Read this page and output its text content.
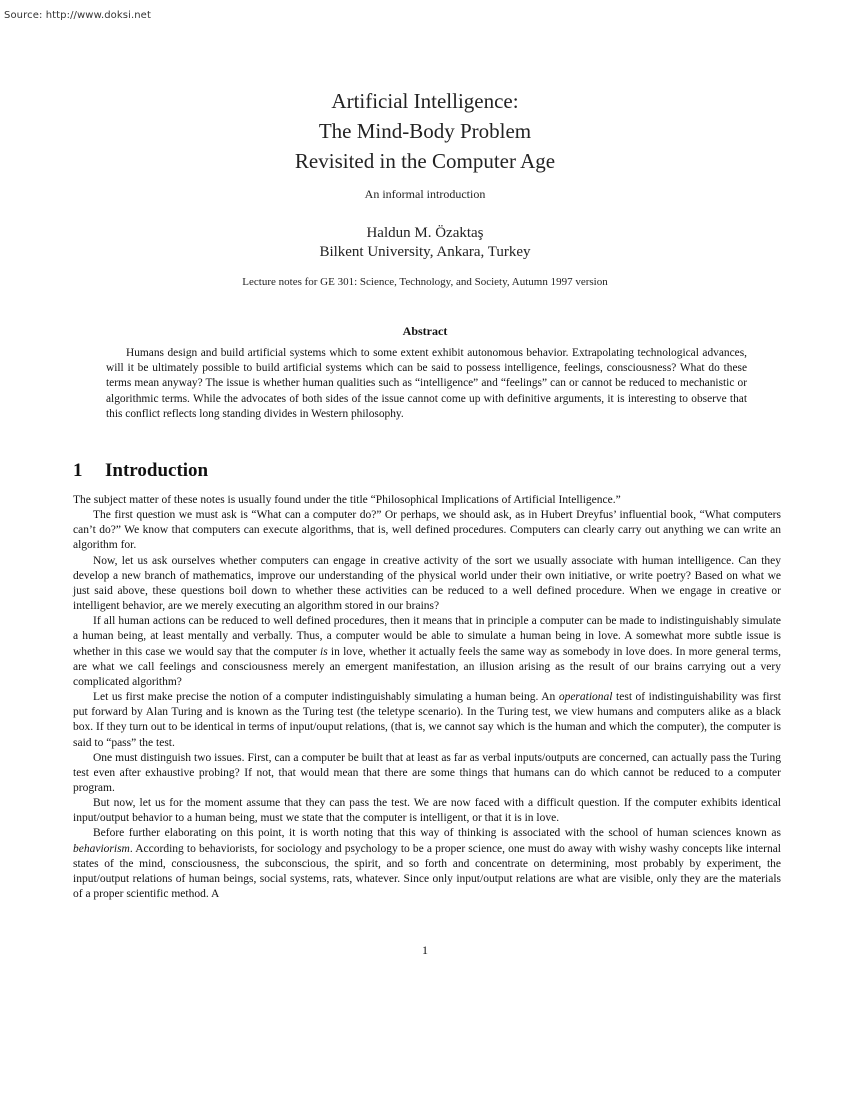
Source: http://www.doksi.net
Artificial Intelligence:
The Mind-Body Problem
Revisited in the Computer Age
An informal introduction
Haldun M. Özaktaş
Bilkent University, Ankara, Turkey
Lecture notes for GE 301: Science, Technology, and Society, Autumn 1997 version
Abstract

Humans design and build artificial systems which to some extent exhibit autonomous behavior. Extrapolating technological advances, will it be ultimately possible to build artificial systems which can be said to possess intelligence, feelings, consciousness? What do these terms mean anyway? The issue is whether human qualities such as “intelligence” and “feelings” can or cannot be reduced to mechanistic or algorithmic terms. While the advocates of both sides of the issue cannot come up with definitive arguments, it is interesting to observe that this conflict reflects long standing divides in Western philosophy.

1 Introduction

The subject matter of these notes is usually found under the title “Philosophical Implications of Artificial Intelligence.”

The first question we must ask is “What can a computer do?” Or perhaps, we should ask, as in Hubert Dreyfus’ influential book, “What computers can’t do?” We know that computers can execute algorithms, that is, well defined procedures. Computers can clearly carry out anything we can write an algorithm for.

Now, let us ask ourselves whether computers can engage in creative activity of the sort we usually associate with human intelligence. Can they develop a new branch of mathematics, improve our understanding of the physical world under their own initiative, or write poetry? Based on what we just said above, these questions boil down to whether these activities can be reduced to a well defined procedure. When we engage in creative or intelligent behavior, are we merely executing an algorithm stored in our brains?

If all human actions can be reduced to well defined procedures, then it means that in principle a computer can be made to indistinguishably simulate a human being, at least mentally and verbally. Thus, a computer would be able to simulate a human being in love. A somewhat more subtle issue is whether in this case we would say that the computer is in love, whether it actually feels the same way as somebody in love does. In more general terms, are what we call feelings and consciousness merely an emergent manifestation, an illusion arising as the result of our brains carrying out a very complicated algorithm?

Let us first make precise the notion of a computer indistinguishably simulating a human being. An operational test of indistinguishability was first put forward by Alan Turing and is known as the Turing test (the teletype scenario). In the Turing test, we view humans and computers alike as a black box. If they turn out to be identical in terms of input/ouput relations, (that is, we cannot say which is the human and which the computer), the computer is said to “pass” the test.

One must distinguish two issues. First, can a computer be built that at least as far as verbal inputs/outputs are concerned, can actually pass the Turing test even after exhaustive probing? If not, that would mean that there are some things that humans can do which cannot be reduced to a computer program.

But now, let us for the moment assume that they can pass the test. We are now faced with a difficult question. If the computer exhibits identical input/output behavior to a human being, must we state that the computer is intelligent, or that it is in love.

Before further elaborating on this point, it is worth noting that this way of thinking is associated with the school of human sciences known as behaviorism. According to behaviorists, for sociology and psychology to be a proper science, one must do away with wishy washy concepts like internal states of the mind, consciousness, the subconscious, the spirit, and so forth and concentrate on determining, most probably by experiment, the input/output relations of human beings, social systems, rats, whatever. Since only input/output relations are what are visible, only they are the materials of a proper scientific method. A

1
